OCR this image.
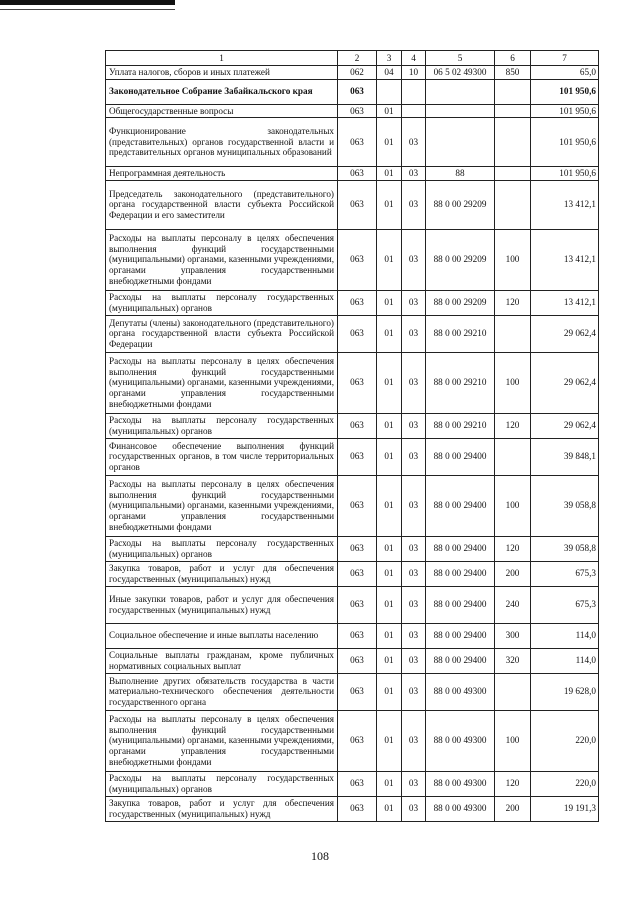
1	2	3	4	5	6	7
Уплата налогов, сборов и иных платежей	062	04	10	06 5 02 49300	850	65,0
Законодательное Собрание Забайкальского края	063					101 950,6
Общегосударственные вопросы	063	01				101 950,6
Функционирование законодательных (представительных) органов государственной власти и представительных органов муниципальных образований	063	01	03			101 950,6
Непрограммная деятельность	063	01	03	88		101 950,6
Председатель законодательного (представительного) органа государственной власти субъекта Российской Федерации и его заместители	063	01	03	88 0 00 29209		13 412,1
Расходы на выплаты персоналу в целях обеспечения выполнения функций государственными (муниципальными) органами, казенными учреждениями, органами управления государственными внебюджетными фондами	063	01	03	88 0 00 29209	100	13 412,1
Расходы на выплаты персоналу государственных (муниципальных) органов	063	01	03	88 0 00 29209	120	13 412,1
Депутаты (члены) законодательного (представительного) органа государственной власти субъекта Российской Федерации	063	01	03	88 0 00 29210		29 062,4
Расходы на выплаты персоналу в целях обеспечения выполнения функций государственными (муниципальными) органами, казенными учреждениями, органами управления государственными внебюджетными фондами	063	01	03	88 0 00 29210	100	29 062,4
Расходы на выплаты персоналу государственных (муниципальных) органов	063	01	03	88 0 00 29210	120	29 062,4
Финансовое обеспечение выполнения функций государственных органов, в том числе территориальных органов	063	01	03	88 0 00 29400		39 848,1
Расходы на выплаты персоналу в целях обеспечения выполнения функций государственными (муниципальными) органами, казенными учреждениями, органами управления государственными внебюджетными фондами	063	01	03	88 0 00 29400	100	39 058,8
Расходы на выплаты персоналу государственных (муниципальных) органов	063	01	03	88 0 00 29400	120	39 058,8
Закупка товаров, работ и услуг для обеспечения государственных (муниципальных) нужд	063	01	03	88 0 00 29400	200	675,3
Иные закупки товаров, работ и услуг для обеспечения государственных (муниципальных) нужд	063	01	03	88 0 00 29400	240	675,3
Социальное обеспечение и иные выплаты населению	063	01	03	88 0 00 29400	300	114,0
Социальные выплаты гражданам, кроме публичных нормативных социальных выплат	063	01	03	88 0 00 29400	320	114,0
Выполнение других обязательств государства в части материально-технического обеспечения деятельности государственного органа	063	01	03	88 0 00 49300		19 628,0
Расходы на выплаты персоналу в целях обеспечения выполнения функций государственными (муниципальными) органами, казенными учреждениями, органами управления государственными внебюджетными фондами	063	01	03	88 0 00 49300	100	220,0
Расходы на выплаты персоналу государственных (муниципальных) органов	063	01	03	88 0 00 49300	120	220,0
Закупка товаров, работ и услуг для обеспечения государственных (муниципальных) нужд	063	01	03	88 0 00 49300	200	19 191,3
108
